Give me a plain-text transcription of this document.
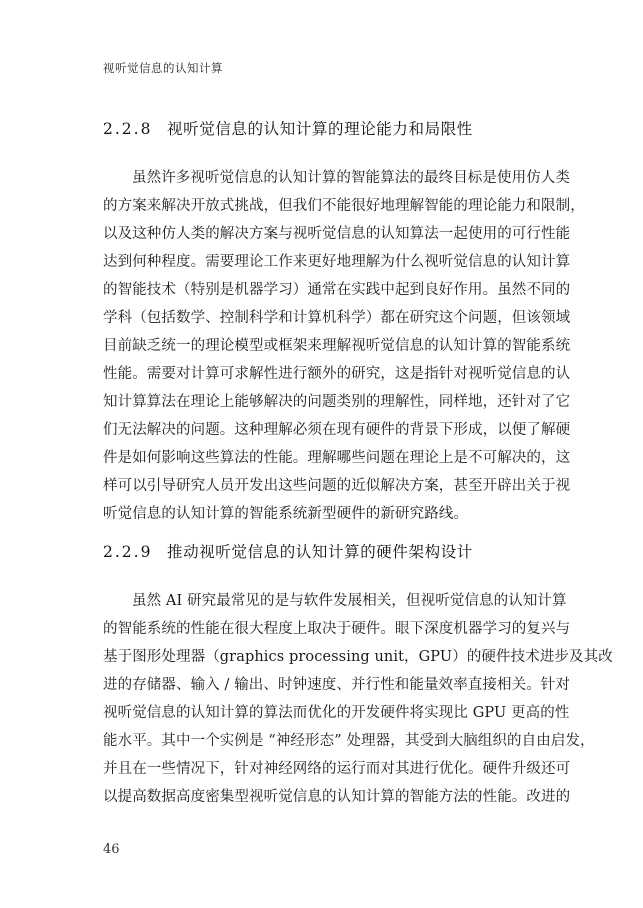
视听觉信息的认知计算
2.2.8 视听觉信息的认知计算的理论能力和局限性
虽然许多视听觉信息的认知计算的智能算法的最终目标是使用仿人类
的方案来解决开放式挑战，但我们不能很好地理解智能的理论能力和限制，
以及这种仿人类的解决方案与视听觉信息的认知算法一起使用的可行性能
达到何种程度。需要理论工作来更好地理解为什么视听觉信息的认知计算
的智能技术（特别是机器学习）通常在实践中起到良好作用。虽然不同的
学科（包括数学、控制科学和计算机科学）都在研究这个问题，但该领域
目前缺乏统一的理论模型或框架来理解视听觉信息的认知计算的智能系统
性能。需要对计算可求解性进行额外的研究，这是指针对视听觉信息的认
知计算算法在理论上能够解决的问题类别的理解性，同样地，还针对了它
们无法解决的问题。这种理解必须在现有硬件的背景下形成，以便了解硬
件是如何影响这些算法的性能。理解哪些问题在理论上是不可解决的，这
样可以引导研究人员开发出这些问题的近似解决方案，甚至开辟出关于视
听觉信息的认知计算的智能系统新型硬件的新研究路线。
2.2.9 推动视听觉信息的认知计算的硬件架构设计
虽然 AI 研究最常见的是与软件发展相关，但视听觉信息的认知计算
的智能系统的性能在很大程度上取决于硬件。眼下深度机器学习的复兴与
基于图形处理器（graphics processing unit，GPU）的硬件技术进步及其改
进的存储器、输入 / 输出、时钟速度、并行性和能量效率直接相关。针对
视听觉信息的认知计算的算法而优化的开发硬件将实现比 GPU 更高的性
能水平。其中一个实例是 “神经形态” 处理器，其受到大脑组织的自由启发，
并且在一些情况下，针对神经网络的运行而对其进行优化。硬件升级还可
以提高数据高度密集型视听觉信息的认知计算的智能方法的性能。改进的
46
